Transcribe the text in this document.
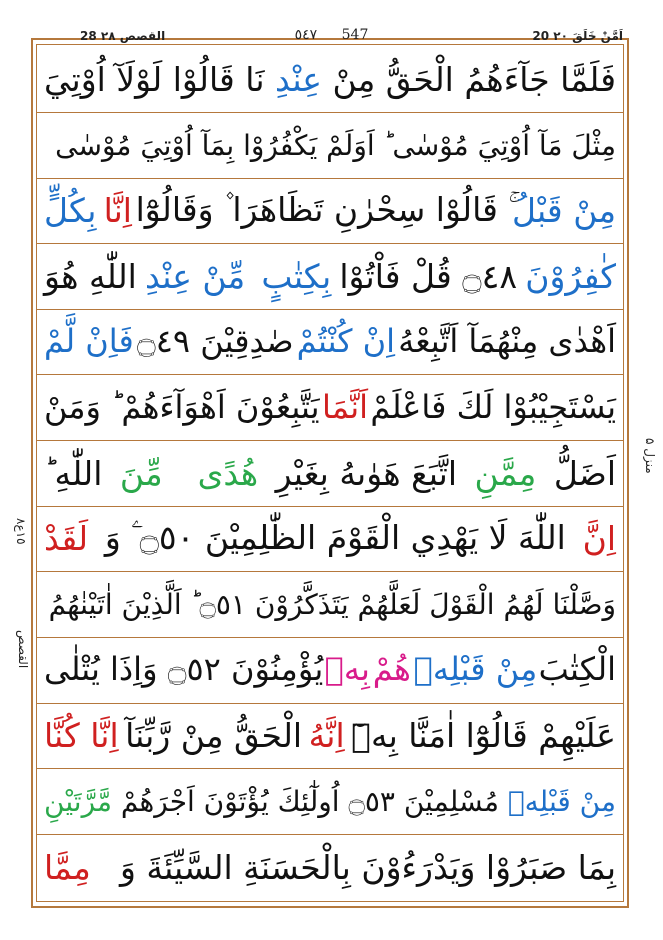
20 اَمَّنْ خَلَقَ ٢٠
28 القصص ٢٨	٥٤٧ 547
١٥ع٨
القصص
منزل ۵
فَلَمَّا جَآءَهُمُ الْحَقُّ مِنْ
عِنْدِ
نَا قَالُوْا لَوْلَآ اُوْتِيَ
مِثْلَ مَآ اُوْتِيَ مُوْسٰى ؕ اَوَلَمْ يَكْفُرُوْا بِمَآ اُوْتِيَ مُوْسٰى
مِنْ قَبْلُ
ۚ قَالُوْا سِحْرٰنِ تَظَاهَرَا ۫ وَقَالُوْٓا
اِنَّا
بِكُلٍّ
كٰفِرُوْنَ
۝٤٨ قُلْ فَاْتُوْا
بِكِتٰبٍ
مِّنْ عِنْدِ
اللّٰهِ هُوَ
اَهْدٰى مِنْهُمَآ اَتَّبِعْهُ
اِنْ كُنْتُمْ
صٰدِقِيْنَ ۝٤٩
فَاِنْ لَّمْ
يَسْتَجِيْبُوْا لَكَ فَاعْلَمْ
اَنَّمَا
يَتَّبِعُوْنَ اَهْوَآءَهُمْ ؕ وَمَنْ
اَضَلُّ
مِمَّنِ
اتَّبَعَ هَوٰىهُ بِغَيْرِ
هُدًى
مِّنَ
اللّٰهِ ؕ
اِنَّ
اللّٰهَ لَا يَهْدِي الْقَوْمَ الظّٰلِمِيْنَ ۝٥٠ ۧ وَ
لَقَدْ
وَصَّلْنَا لَهُمُ الْقَوْلَ لَعَلَّهُمْ يَتَذَكَّرُوْنَ ۝٥١ ؕ اَلَّذِيْنَ اٰتَيْنٰهُمُ
الْكِتٰبَ
مِنْ قَبْلِهٖ
هُمْ
بِهٖ
يُؤْمِنُوْنَ ۝٥٢ وَاِذَا يُتْلٰى
عَلَيْهِمْ قَالُوْٓا اٰمَنَّا بِهٖٓ
اِنَّهُ
الْحَقُّ مِنْ رَّبِّنَآ
اِنَّا كُنَّا
مِنْ قَبْلِهٖ
مُسْلِمِيْنَ ۝٥٣ اُولٰٓئِكَ يُؤْتَوْنَ اَجْرَهُمْ
مَّرَّتَيْنِ
بِمَا صَبَرُوْا وَيَدْرَءُوْنَ بِالْحَسَنَةِ السَّيِّئَةَ وَ
مِمَّا
